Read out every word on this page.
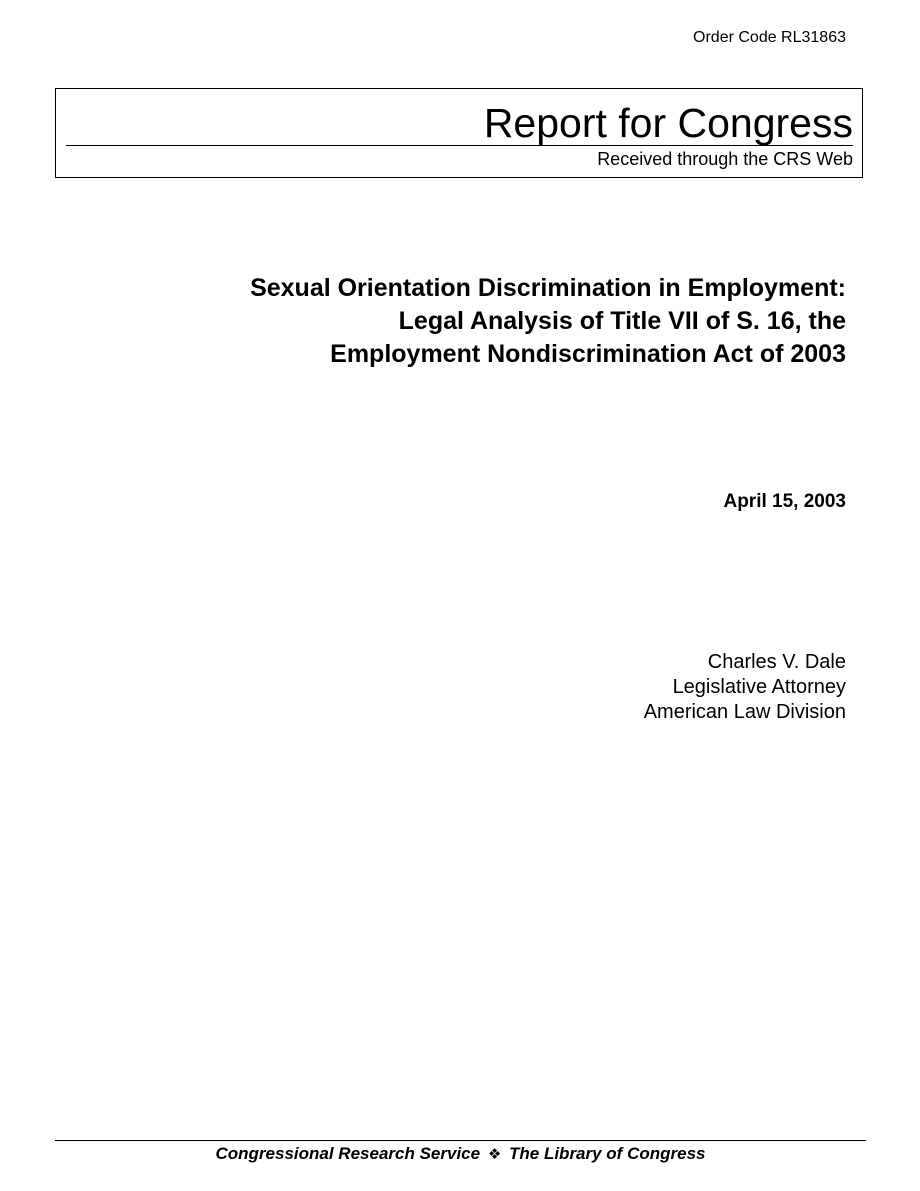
Order Code RL31863
Report for Congress
Received through the CRS Web
Sexual Orientation Discrimination in Employment:
Legal Analysis of Title VII of S. 16, the
Employment Nondiscrimination Act of 2003
April 15, 2003
Charles V. Dale
Legislative Attorney
American Law Division
Congressional Research Service ❖ The Library of Congress
